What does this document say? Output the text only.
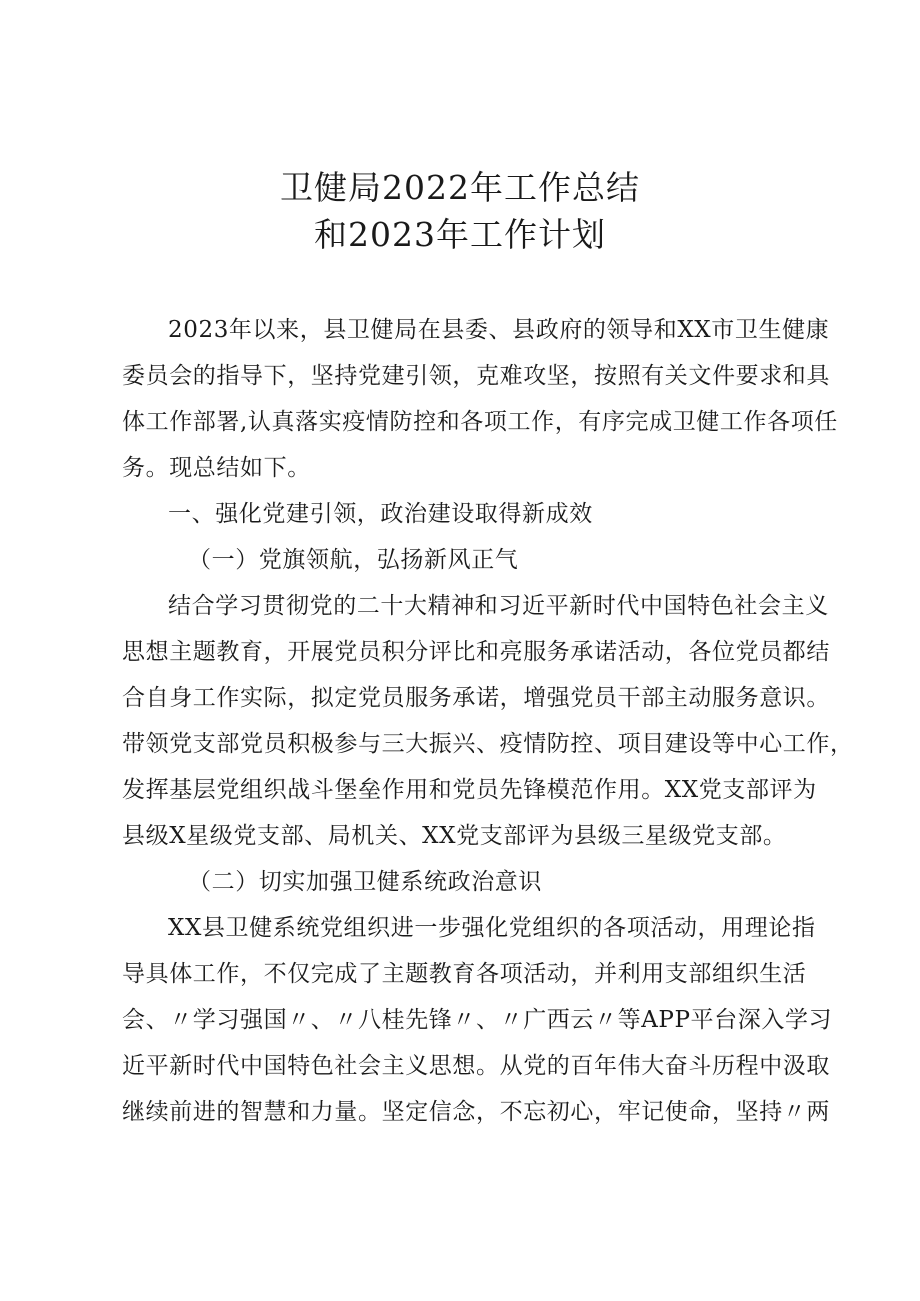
卫健局2022年工作总结
和2023年工作计划

2023年以来，县卫健局在县委、县政府的领导和XX市卫生健康

委员会的指导下，坚持党建引领，克难攻坚，按照有关文件要求和具

体工作部署,认真落实疫情防控和各项工作，有序完成卫健工作各项任

务。现总结如下。

一、强化党建引领，政治建设取得新成效

（一）党旗领航，弘扬新风正气

结合学习贯彻党的二十大精神和习近平新时代中国特色社会主义

思想主题教育，开展党员积分评比和亮服务承诺活动，各位党员都结

合自身工作实际，拟定党员服务承诺，增强党员干部主动服务意识。

带领党支部党员积极参与三大振兴、疫情防控、项目建设等中心工作，

发挥基层党组织战斗堡垒作用和党员先锋模范作用。XX党支部评为

县级X星级党支部、局机关、XX党支部评为县级三星级党支部。

（二）切实加强卫健系统政治意识

XX县卫健系统党组织进一步强化党组织的各项活动，用理论指

导具体工作，不仅完成了主题教育各项活动，并利用支部组织生活

会、〃学习强国〃、〃八桂先锋〃、〃广西云〃等APP平台深入学习

近平新时代中国特色社会主义思想。从党的百年伟大奋斗历程中汲取

继续前进的智慧和力量。坚定信念，不忘初心，牢记使命，坚持〃两
